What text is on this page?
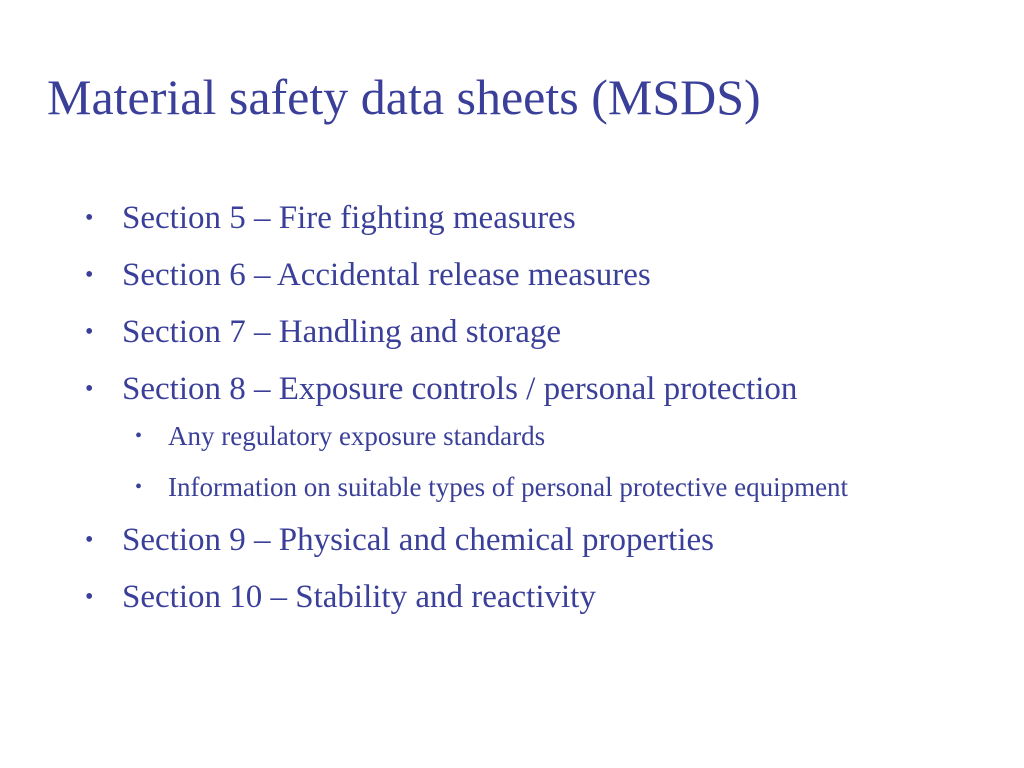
Material safety data sheets (MSDS)
• Section 5 – Fire fighting measures
• Section 6 – Accidental release measures
• Section 7 – Handling and storage
• Section 8 – Exposure controls / personal protection
• Any regulatory exposure standards
• Information on suitable types of personal protective equipment
• Section 9 – Physical and chemical properties
• Section 10 – Stability and reactivity
